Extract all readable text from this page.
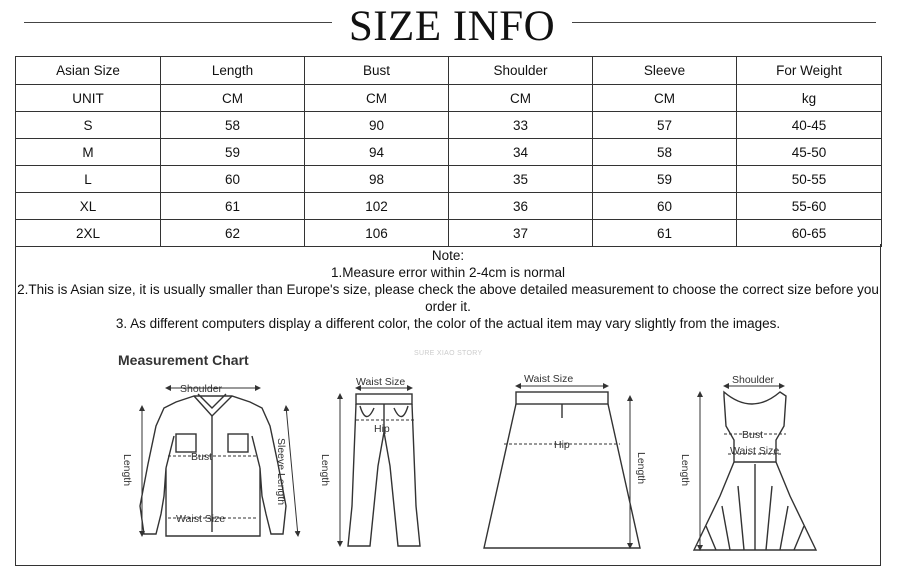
SIZE INFO
Asian Size	Length	Bust	Shoulder	Sleeve	For Weight
UNIT	CM	CM	CM	CM	kg
S	58	90	33	57	40-45
M	59	94	34	58	45-50
L	60	98	35	59	50-55
XL	61	102	36	60	55-60
2XL	62	106	37	61	60-65
Note:
1.Measure error within 2-4cm is normal
2.This is Asian size, it is usually smaller than Europe's size, please check the above detailed measurement to choose the correct size before you order it.
3. As different computers display a different color, the color of the actual item may vary slightly from the images.
Measurement Chart	SURE XIAO STORY
Shoulder
Bust
Waist Size
Length	Sleeve Length
Waist Size
Hip
Length
Waist Size
Hip
Length
Shoulder
Bust
Waist Size
Length
